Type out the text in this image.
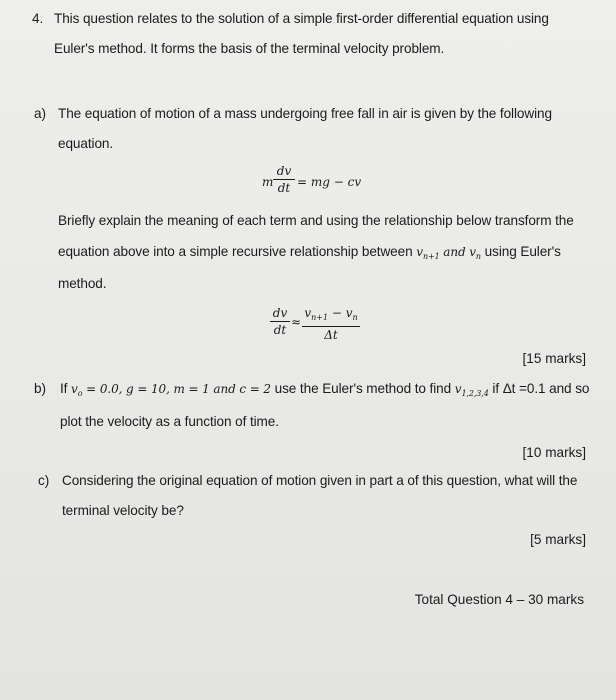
4. This question relates to the solution of a simple first-order differential equation using
Euler's method. It forms the basis of the terminal velocity problem.
a) The equation of motion of a mass undergoing free fall in air is given by the following
equation.
m
dv
dt = mg − cv
Briefly explain the meaning of each term and using the relationship below transform the
equation above into a simple recursive relationship between $v_{n+1}$ and $v_n$ using Euler's
method.
dv
dt
≈
$v_{n+1} - v_n$
Δt
[15 marks]
b) If $v_o = 0.0$, g = 10, m = 1 and c = 2 use the Euler's method to find $v_{1,2,3,4}$ if Δt =0.1 and so
plot the velocity as a function of time.
[10 marks]
c) Considering the original equation of motion given in part a of this question, what will the
terminal velocity be?
[5 marks]
Total Question 4 – 30 marks
